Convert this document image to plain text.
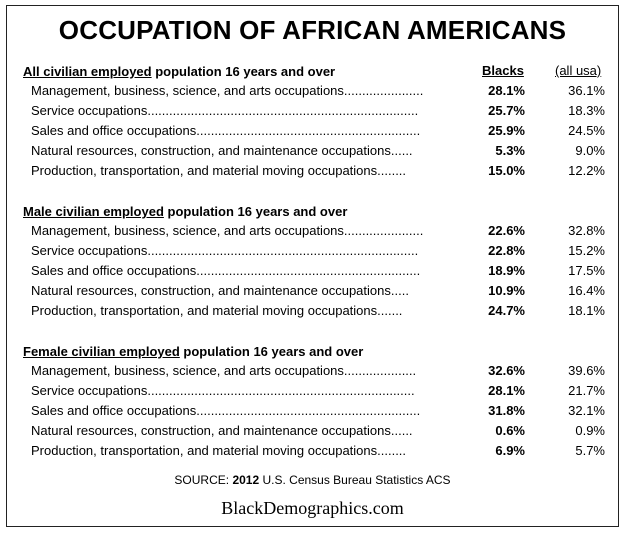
OCCUPATION OF AFRICAN AMERICANS
Blacks (all usa)
All civilian employed population 16 years and over
Management, business, science, and arts occupations......................	28.1%	36.1%
Service occupations...........................................................................	25.7%	18.3%
Sales and office occupations..............................................................	25.9%	24.5%
Natural resources, construction, and maintenance occupations......	5.3%	9.0%
Production, transportation, and material moving occupations........	15.0%	12.2%
Male civilian employed population 16 years and over
Management, business, science, and arts occupations......................	22.6%	32.8%
Service occupations...........................................................................	22.8%	15.2%
Sales and office occupations..............................................................	18.9%	17.5%
Natural resources, construction, and maintenance occupations.....	10.9%	16.4%
Production, transportation, and material moving occupations.......	24.7%	18.1%
Female civilian employed population 16 years and over
Management, business, science, and arts occupations....................	32.6%	39.6%
Service occupations..........................................................................	28.1%	21.7%
Sales and office occupations..............................................................	31.8%	32.1%
Natural resources, construction, and maintenance occupations......	0.6%	0.9%
Production, transportation, and material moving occupations........	6.9%	5.7%
SOURCE: 2012 U.S. Census Bureau Statistics ACS
BlackDemographics.com
